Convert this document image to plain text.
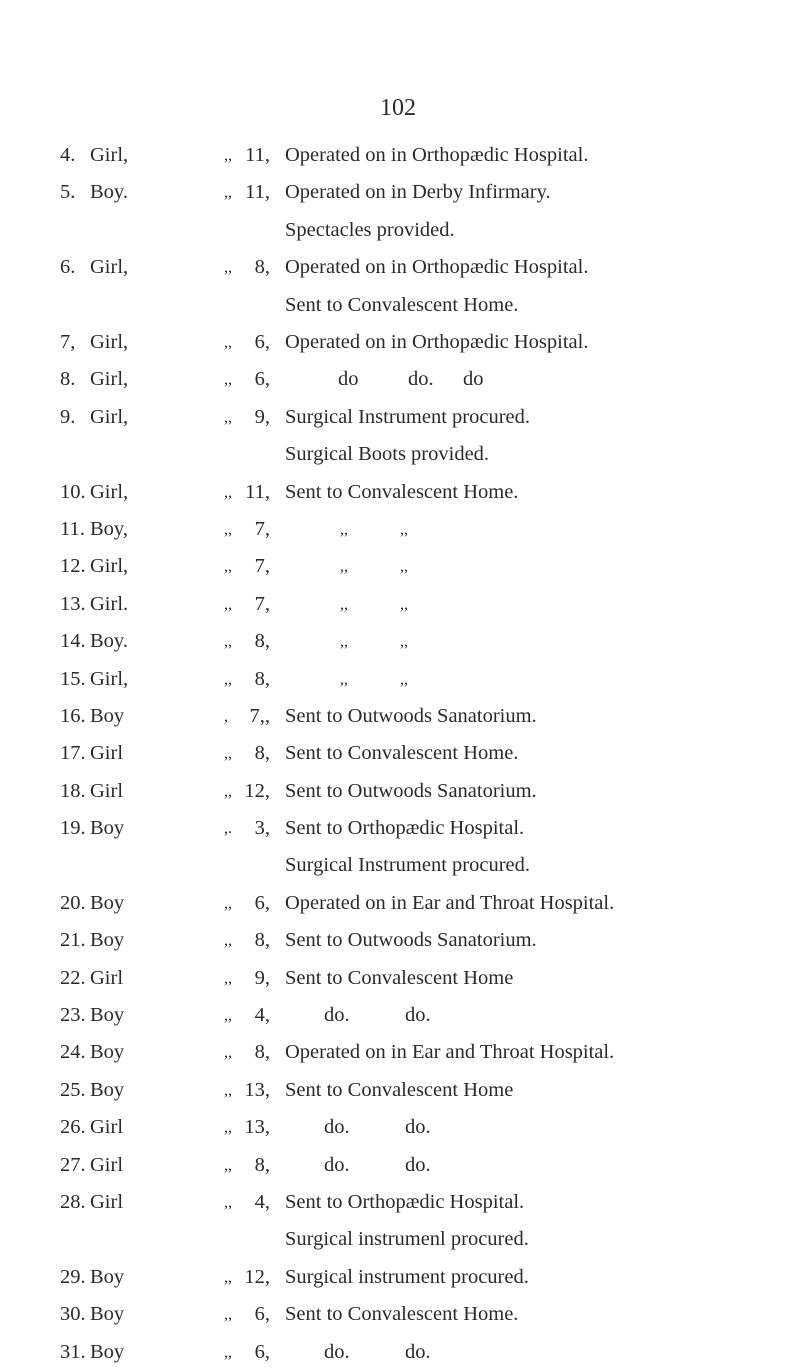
102
4. Girl,	,, 11, Operated on in Orthopædic Hospital.
5. Boy.	,, 11, Operated on in Derby Infirmary.
Spectacles provided.
6. Girl,	,,	8, Operated on in Orthopædic Hospital.
Sent to Convalescent Home.
7, Girl,	,,	6, Operated on in Orthopædic Hospital.
8. Girl,	,,	6,	do do. do
9. Girl,	,,	9, Surgical Instrument procured.
Surgical Boots provided.
10. Girl,	,, 11, Sent to Convalescent Home.
11. Boy,	,,	7,	,,	,,
12. Girl,	,,	7,	,,	,,
13. Girl.	,,	7,	,,	,,
14. Boy.	,,	8,	,,	,,
15. Girl,	,,	8,	,,	,,
16. Boy	,	7,, Sent to Outwoods Sanatorium.
17. Girl	,,	8, Sent to Convalescent Home.
18. Girl	,, 12, Sent to Outwoods Sanatorium.
19. Boy	,.	3, Sent to Orthopædic Hospital.
Surgical Instrument procured.
20. Boy	,,	6, Operated on in Ear and Throat Hospital.
21. Boy	,,	8, Sent to Outwoods Sanatorium.
22. Girl	,,	9, Sent to Convalescent Home
23. Boy	,,	4,	do.	do.
24. Boy	,,	8, Operated on in Ear and Throat Hospital.
25. Boy	,, 13, Sent to Convalescent Home
26. Girl	,, 13,	do.	do.
27. Girl	,,	8,	do.	do.
28. Girl	,,	4, Sent to Orthopædic Hospital.
Surgical instrumenl procured.
29. Boy	,, 12, Surgical instrument procured.
30. Boy	,,	6, Sent to Convalescent Home.
31. Boy	,,	6,	do.	do.
